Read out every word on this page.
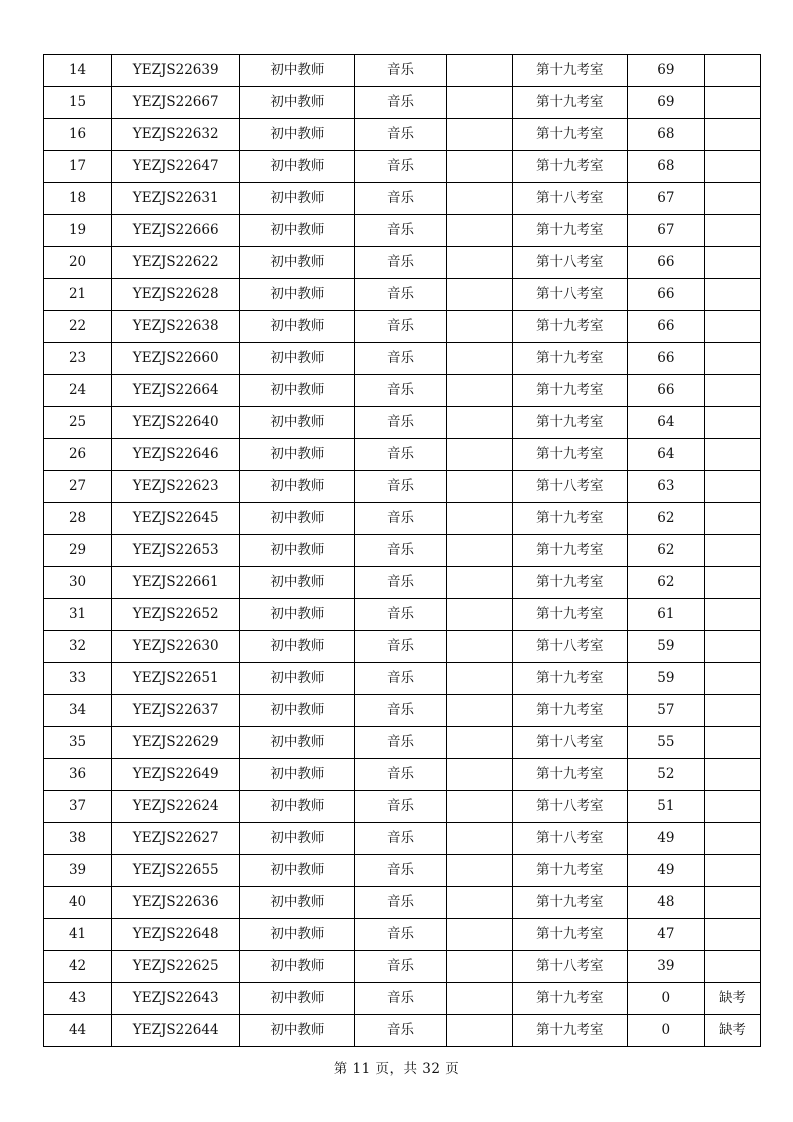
14	YEZJS22639	初中教师	音乐		第十九考室	69	
15	YEZJS22667	初中教师	音乐		第十九考室	69	
16	YEZJS22632	初中教师	音乐		第十九考室	68	
17	YEZJS22647	初中教师	音乐		第十九考室	68	
18	YEZJS22631	初中教师	音乐		第十八考室	67	
19	YEZJS22666	初中教师	音乐		第十九考室	67	
20	YEZJS22622	初中教师	音乐		第十八考室	66	
21	YEZJS22628	初中教师	音乐		第十八考室	66	
22	YEZJS22638	初中教师	音乐		第十九考室	66	
23	YEZJS22660	初中教师	音乐		第十九考室	66	
24	YEZJS22664	初中教师	音乐		第十九考室	66	
25	YEZJS22640	初中教师	音乐		第十九考室	64	
26	YEZJS22646	初中教师	音乐		第十九考室	64	
27	YEZJS22623	初中教师	音乐		第十八考室	63	
28	YEZJS22645	初中教师	音乐		第十九考室	62	
29	YEZJS22653	初中教师	音乐		第十九考室	62	
30	YEZJS22661	初中教师	音乐		第十九考室	62	
31	YEZJS22652	初中教师	音乐		第十九考室	61	
32	YEZJS22630	初中教师	音乐		第十八考室	59	
33	YEZJS22651	初中教师	音乐		第十九考室	59	
34	YEZJS22637	初中教师	音乐		第十九考室	57	
35	YEZJS22629	初中教师	音乐		第十八考室	55	
36	YEZJS22649	初中教师	音乐		第十九考室	52	
37	YEZJS22624	初中教师	音乐		第十八考室	51	
38	YEZJS22627	初中教师	音乐		第十八考室	49	
39	YEZJS22655	初中教师	音乐		第十九考室	49	
40	YEZJS22636	初中教师	音乐		第十九考室	48	
41	YEZJS22648	初中教师	音乐		第十九考室	47	
42	YEZJS22625	初中教师	音乐		第十八考室	39	
43	YEZJS22643	初中教师	音乐		第十九考室	0	缺考
44	YEZJS22644	初中教师	音乐		第十九考室	0	缺考
第 11 页，共 32 页
